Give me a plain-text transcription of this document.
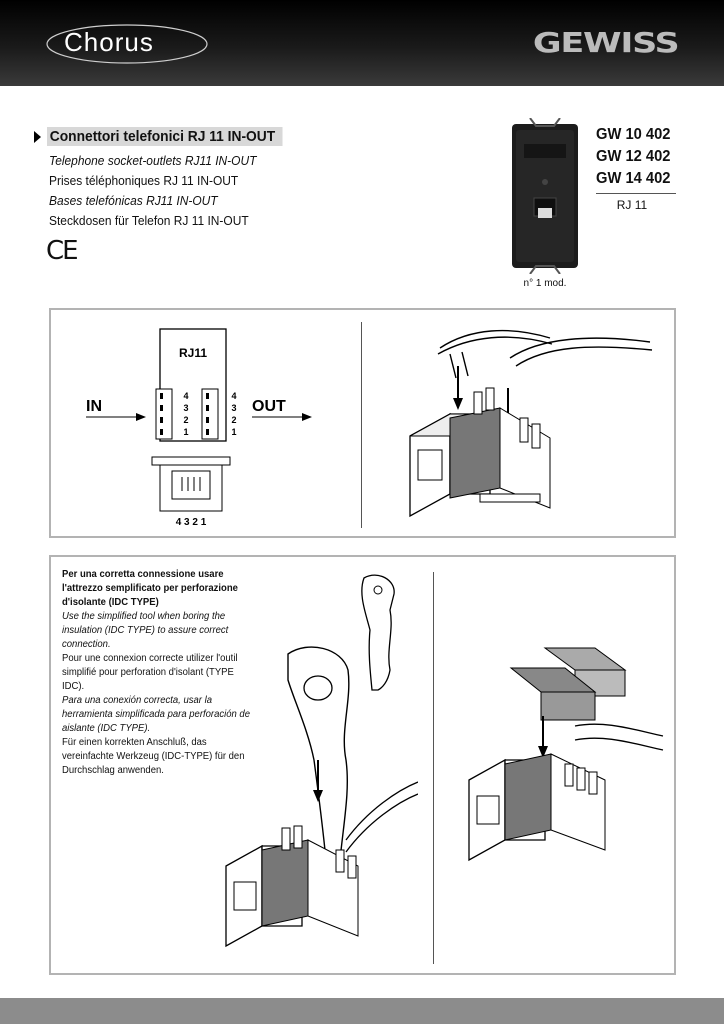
Chorus	GEWISS
Connettori telefonici RJ 11 IN-OUT
Telephone socket-outlets RJ11 IN-OUT
Prises téléphoniques RJ 11 IN-OUT
Bases telefónicas RJ11 IN-OUT
Steckdosen für Telefon RJ 11 IN-OUT
CE
n° 1 mod.
GW 10 402
GW 12 402
GW 14 402
RJ 11
RJ11
4
3
2
1
4
3
2
1
IN	OUT
4 3 2 1

Per una corretta connessione usare l'attrezzo semplificato per perforazione d'isolante (IDC TYPE)

Use the simplified tool when boring the insulation (IDC TYPE) to assure correct connection.

Pour une connexion correcte utilizer l'outil simplifié pour perforation d'isolant (TYPE IDC).

Para una conexión correcta, usar la herramienta simplificada para perforación de aislante (IDC TYPE).

Für einen korrekten Anschluß, das vereinfachte Werkzeug (IDC-TYPE) für den Durchschlag anwenden.
